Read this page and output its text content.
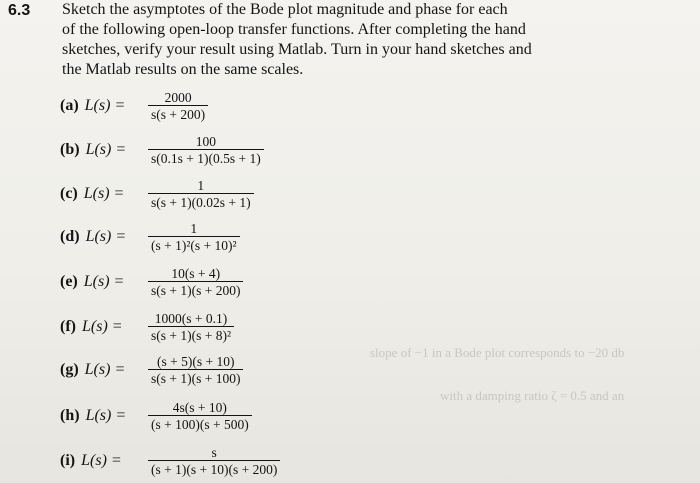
6.3 Sketch the asymptotes of the Bode plot magnitude and phase for each
of the following open-loop transfer functions. After completing the hand
sketches, verify your result using Matlab. Turn in your hand sketches and
the Matlab results on the same scales.
(a) $L(s) = \frac{2000}{s(s + 200)}$
(b) $L(s) = \frac{100}{s(0.1s + 1)(0.5s + 1)}$
(c) $L(s) = \frac{1}{s(s + 1)(0.02s + 1)}$
(d) $L(s) = \frac{1}{\text{(s + 1)²(s + 10)²}}$
(e) $L(s) = \frac{10(s + 4)}{s(s + 1)(s + 200)}$
(f) $L(s) = \frac{1000(s + 0.1)}{\text{s(s + 1)(s + 8)²}}$
(g) $L(s) = \frac{(s + 5)(s + 10)}{s(s + 1)(s + 100)}$
(h) $L(s) = \frac{4s(s + 10)}{(s + 100)(s + 500)}$
(i) $L(s) = \frac{s}{(s + 1)(s + 10)(s + 200)}$
slope of −1 in a Bode plot corresponds to −20 db
with a damping ratio ζ = 0.5 and an
